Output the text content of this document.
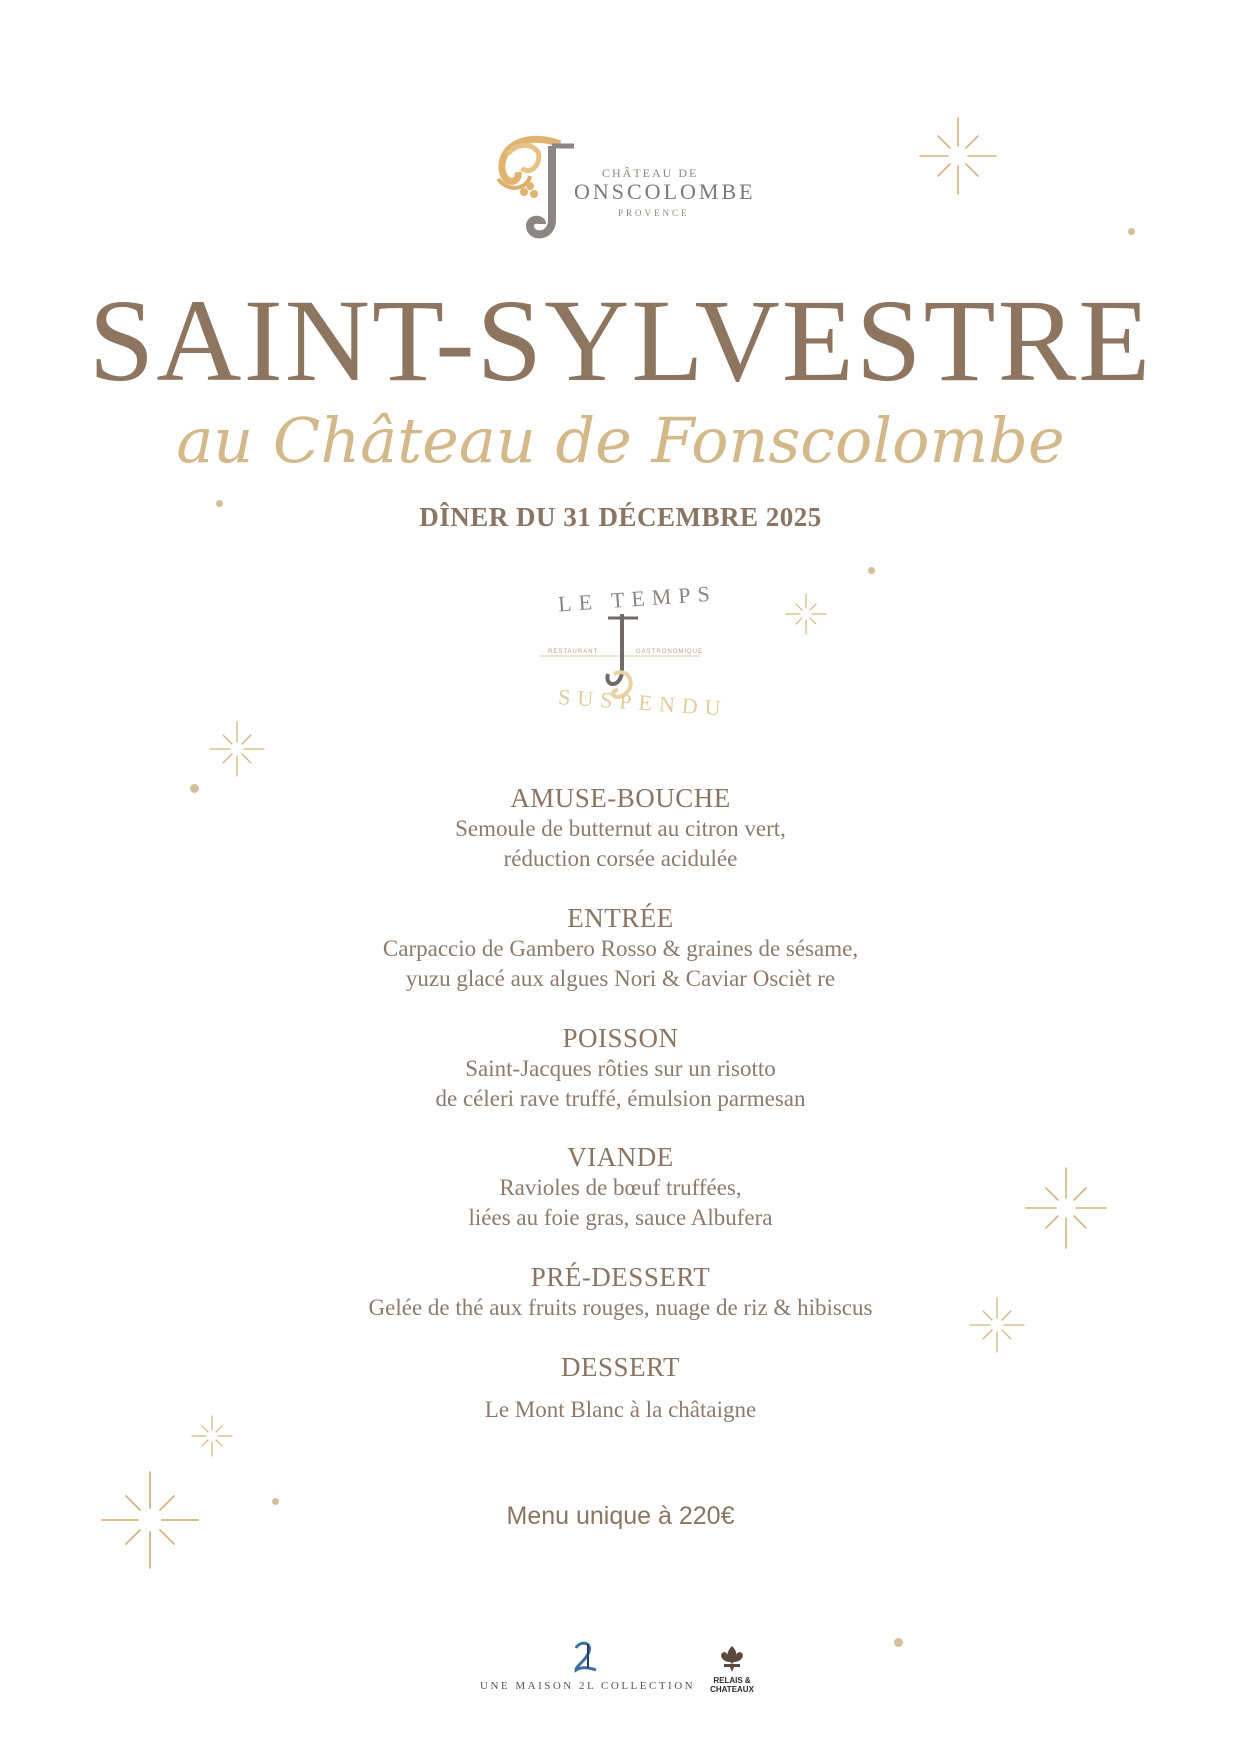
CHÂTEAU DE
ONSCOLOMBE
PROVENCE
SAINT-SYLVESTRE
au Château de Fonscolombe
DÎNER DU 31 DÉCEMBRE 2025
LE TEMPS
RESTAURANT	GASTRONOMIQUE
SUSPENDU
AMUSE-BOUCHE
Semoule de butternut au citron vert,
réduction corsée acidulée
ENTRÉE
Carpaccio de Gambero Rosso & graines de sésame,
yuzu glacé aux algues Nori & Caviar Oscièt re
POISSON
Saint-Jacques rôties sur un risotto
de céleri rave truffé, émulsion parmesan
VIANDE
Ravioles de bœuf truffées,
liées au foie gras, sauce Albufera
PRÉ-DESSERT
Gelée de thé aux fruits rouges, nuage de riz & hibiscus
DESSERT
Le Mont Blanc à la châtaigne
Menu unique à 220€
UNE MAISON 2L COLLECTION	RELAIS &
CHATEAUX
